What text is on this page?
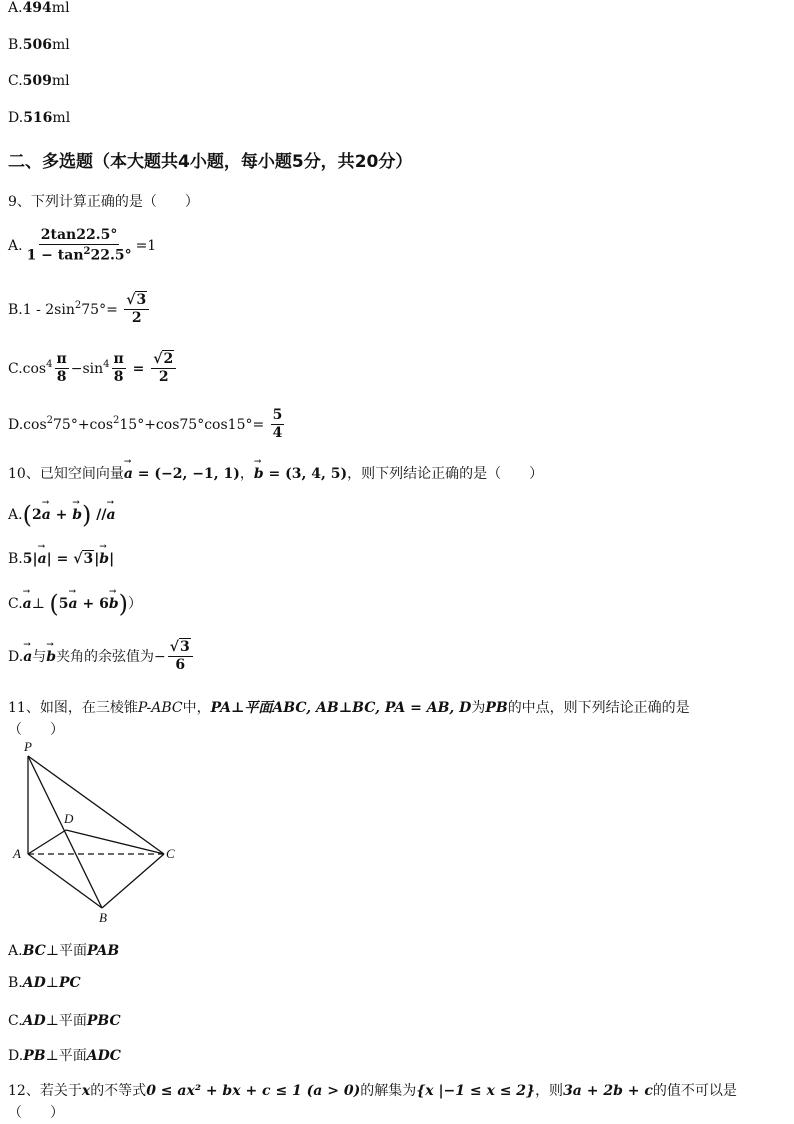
A.494ml
B.506ml
C.509ml
D.516ml
二、多选题（本大题共4小题，每小题5分，共20分）
9、下列计算正确的是（　　）
A. $\frac{2\tan 22.5^\circ}{1 - \tan^222.5^\circ} =1$
$B.1 - 2\sin^275^\circ= \frac{√3}{2}$
$C.\cos^4 \frac{\pi}{8} -\sin^4 \frac{\pi}{8} = \frac{√2}{2}$
$D.\cos^275^\circ+\cos^215^\circ+\cos 75^\circ\cos 15^\circ= \frac{5}{4}$
10、已知空间向量→ a = (−2, −1, 1)，→ b = (3, 4, 5)，则下列结论正确的是（　　）
A.(2→ a + → b) //→ a
B.5|→ a| = √3|→ b|
C.→ a⊥ (5→ a + 6→ b)）
D.→ a与→ b夹角的余弦值为− $\frac{√3}{6}$
11、如图，在三棱锥P-ABC中，PA⊥平面ABC, AB⊥BC, PA = AB, D为PB的中点，则下列结论正确的是
（　　）
P
D
A	C
B
A.BC⊥平面PAB
B.AD⊥PC
C.AD⊥平面PBC
D.PB⊥平面ADC
12、若关于x的不等式0 ≤ ax² + bx + c ≤ 1 (a > 0)的解集为{x |−1 ≤ x ≤ 2}，则3a + 2b + c的值不可以是
（　　）
